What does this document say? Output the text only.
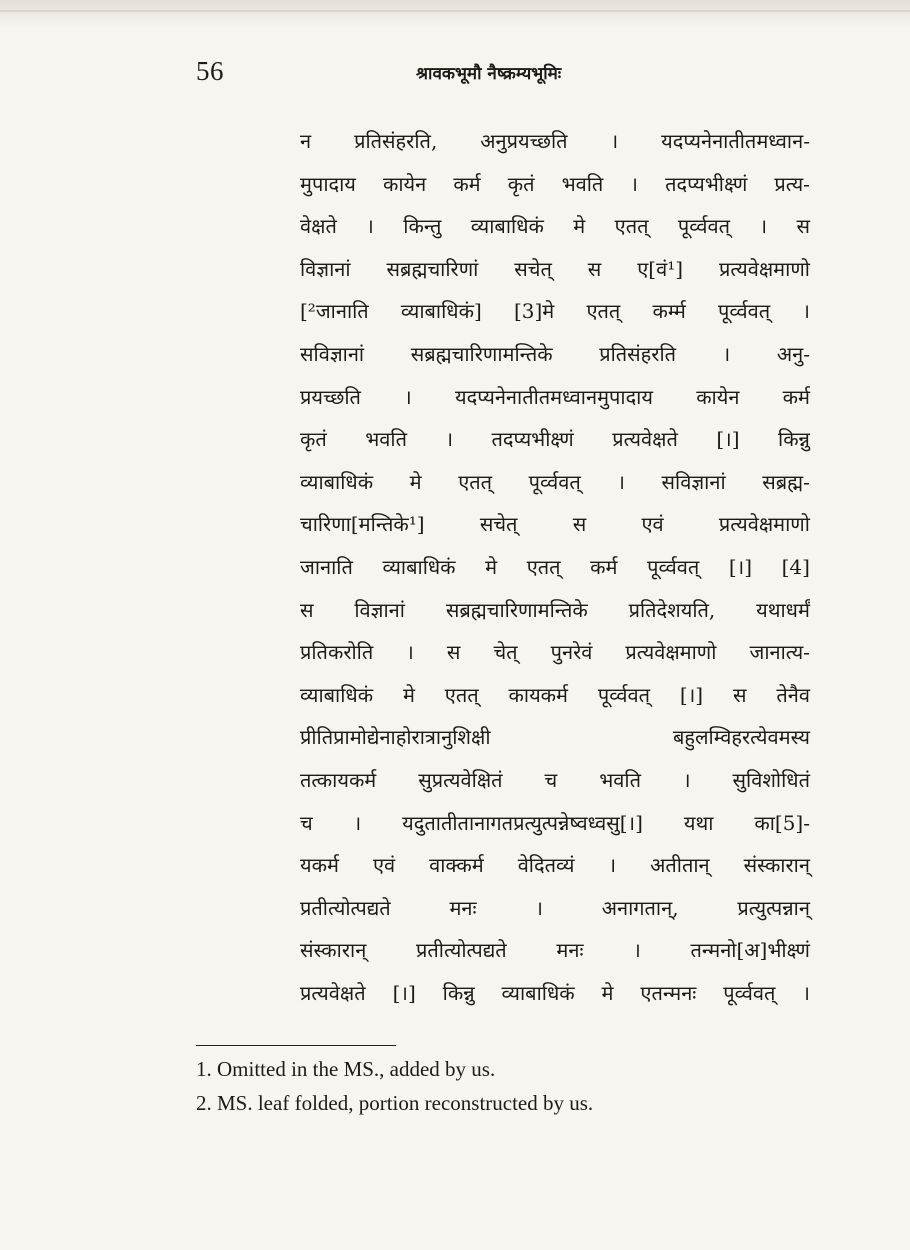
56	श्रावकभूमौ नैष्क्रम्यभूमिः
न प्रतिसंहरति, अनुप्रयच्छति । यदप्यनेनातीतमध्वान-
मुपादाय कायेन कर्म कृतं भवति । तदप्यभीक्ष्णं प्रत्य-
वेक्षते । किन्तु व्याबाधिकं मे एतत् पूर्व्ववत् । स
विज्ञानां सब्रह्मचारिणां सचेत् स ए[वं¹] प्रत्यवेक्षमाणो
[²जानाति व्याबाधिकं] [3]मे एतत् कर्म्म पूर्व्ववत् ।
सविज्ञानां सब्रह्मचारिणामन्तिके प्रतिसंहरति । अनु-
प्रयच्छति । यदप्यनेनातीतमध्वानमुपादाय कायेन कर्म
कृतं भवति । तदप्यभीक्ष्णं प्रत्यवेक्षते [।] किन्नु
व्याबाधिकं मे एतत् पूर्व्ववत् । सविज्ञानां सब्रह्म-
चारिणा[मन्तिके¹]	सचेत्	स	एवं	प्रत्यवेक्षमाणो
जानाति व्याबाधिकं मे एतत् कर्म पूर्व्ववत् [।] [4]
स विज्ञानां सब्रह्मचारिणामन्तिके प्रतिदेशयति, यथाधर्मं
प्रतिकरोति । स चेत् पुनरेवं प्रत्यवेक्षमाणो जानात्य-
व्याबाधिकं मे एतत् कायकर्म पूर्व्ववत् [।] स तेनैव
प्रीतिप्रामोद्येनाहोरात्रानुशिक्षी	बहुलम्विहरत्येवमस्य
तत्कायकर्म सुप्रत्यवेक्षितं च भवति । सुविशोधितं
च । यदुतातीतानागतप्रत्युत्पन्नेष्वध्वसु[।] यथा का[5]-
यकर्म एवं वाक्कर्म वेदितव्यं । अतीतान् संस्कारान्
प्रतीत्योत्पद्यते	मनः	।	अनागतान्,	प्रत्युत्पन्नान्
संस्कारान् प्रतीत्योत्पद्यते मनः । तन्मनो[अ]भीक्ष्णं
प्रत्यवेक्षते [।] किन्नु व्याबाधिकं मे एतन्मनः पूर्व्ववत् ।
1. Omitted in the MS., added by us.
2. MS. leaf folded, portion reconstructed by us.
